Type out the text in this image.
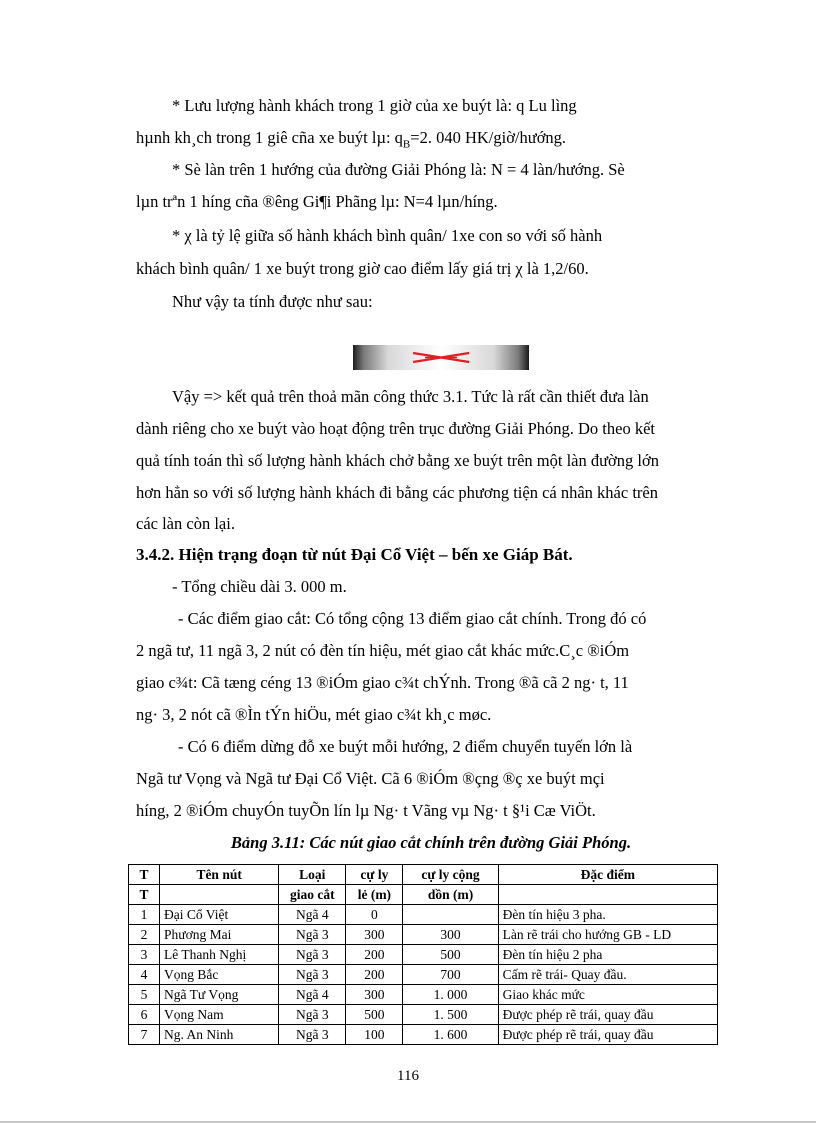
* Lưu lượng hành khách trong 1 giờ của xe buýt là: q Lu lìng
hµnh kh¸ch trong 1 giê cña xe buýt lµ: $q_B=2$. 040 HK/giờ/hướng.
* Sè làn trên 1 hướng của đường Giải Phóng là: N = 4 làn/hướng. Sè
lµn trªn 1 híng cña ®êng Gi¶i Phãng lµ: N=4 lµn/híng.
* χ là tỷ lệ giữa số hành khách bình quân/ 1xe con so với số hành
khách bình quân/ 1 xe buýt trong giờ cao điểm lấy giá trị χ là 1,2/60.
Như vậy ta tính được như sau:
Vậy => kết quả trên thoả mãn công thức 3.1. Tức là rất cần thiết đưa làn
dành riêng cho xe buýt vào hoạt động trên trục đường Giải Phóng. Do theo kết
quả tính toán thì số lượng hành khách chở bằng xe buýt trên một làn đường lớn
hơn hẳn so với số lượng hành khách đi bằng các phương tiện cá nhân khác trên
các làn còn lại.
3.4.2. Hiện trạng đoạn từ nút Đại Cổ Việt – bến xe Giáp Bát.
- Tổng chiều dài 3. 000 m.
- Các điểm giao cắt: Có tổng cộng 13 điểm giao cắt chính. Trong đó có
2 ngã tư, 11 ngã 3, 2 nút có đèn tín hiệu, mét giao cắt khác mức.C¸c ®iÓm
giao c¾t: Cã tæng céng 13 ®iÓm giao c¾t chÝnh. Trong ®ã cã 2 ng· t, 11
ng· 3, 2 nót cã ®Ìn tÝn hiÖu, mét giao c¾t kh¸c møc.
- Có 6 điểm dừng đỗ xe buýt mỗi hướng, 2 điểm chuyển tuyến lớn là
Ngã tư Vọng và Ngã tư Đại Cổ Việt. Cã 6 ®iÓm ®çng ®ç xe buýt mçi
híng, 2 ®iÓm chuyÓn tuyÕn lín lµ Ng· t Vãng vµ Ng· t §¹i Cæ ViÖt.
Bảng 3.11: Các nút giao cắt chính trên đường Giải Phóng.
T	Tên nút	Loại	cự ly	cự ly cộng	Đặc điểm
T		giao cắt	lẻ (m)	dồn (m)	
1	Đại Cổ Việt	Ngã 4	0		Đèn tín hiệu 3 pha.
2	Phương Mai	Ngã 3	300	300	Làn rẽ trái cho hướng GB - LD
3	Lê Thanh Nghị	Ngã 3	200	500	Đèn tín hiệu 2 pha
4	Vọng Bắc	Ngã 3	200	700	Cấm rẽ trái- Quay đầu.
5	Ngã Tư Vọng	Ngã 4	300	1. 000	Giao khác mức
6	Vọng Nam	Ngã 3	500	1. 500	Được phép rẽ trái, quay đầu
7	Ng. An Ninh	Ngã 3	100	1. 600	Được phép rẽ trái, quay đầu
116
